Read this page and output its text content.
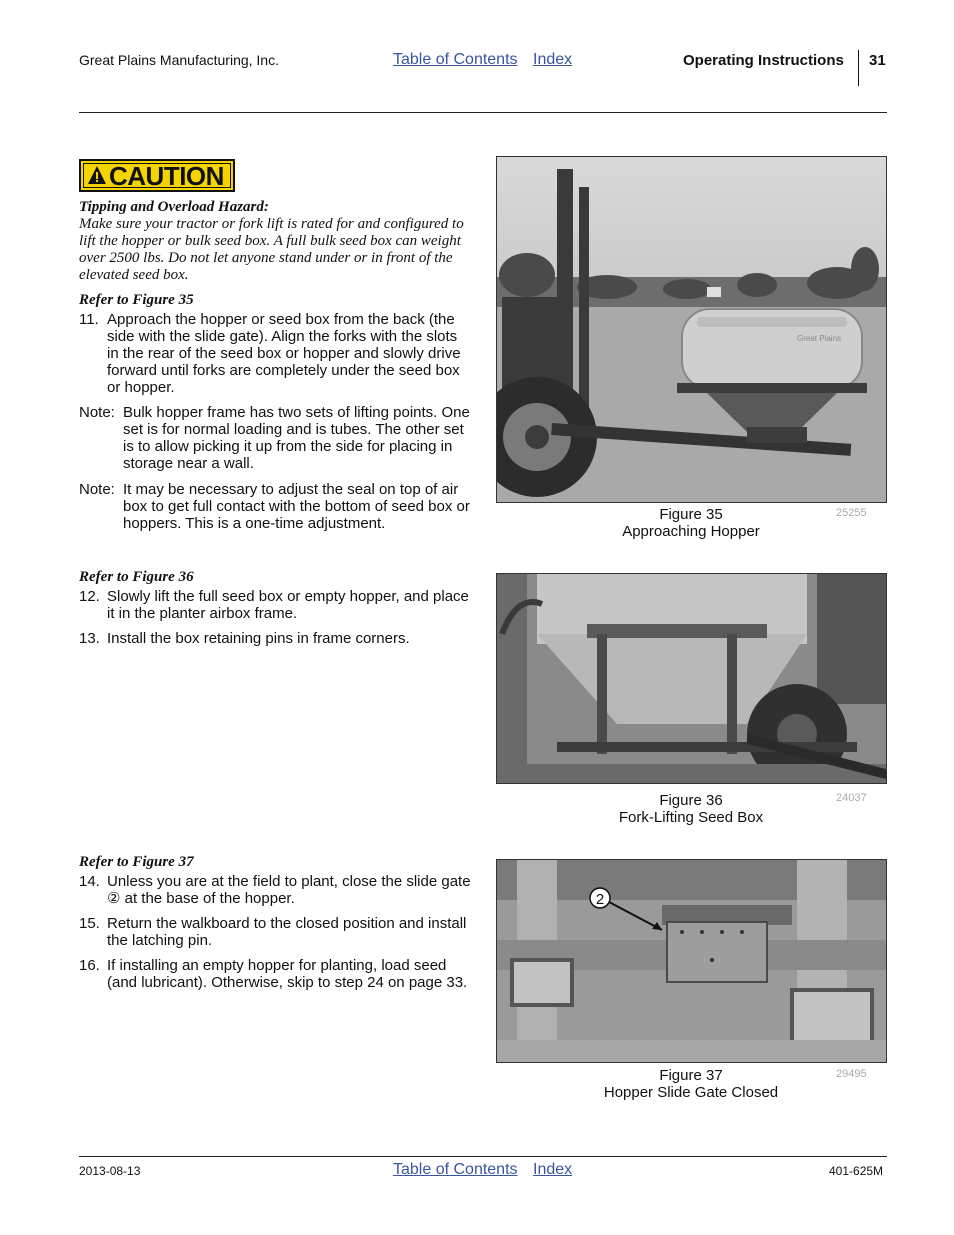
Great Plains Manufacturing, Inc.	Table of Contents Index	Operating Instructions 31
CAUTION
Tipping and Overload Hazard:
Make sure your tractor or fork lift is rated for and configured to lift the hopper or bulk seed box. A full bulk seed box can weight over 2500 lbs. Do not let anyone stand under or in front of the elevated seed box.
Refer to Figure 35
11. Approach the hopper or seed box from the back (the side with the slide gate). Align the forks with the slots in the rear of the seed box or hopper and slowly drive forward until forks are completely under the seed box or hopper.
Note: Bulk hopper frame has two sets of lifting points. One set is for normal loading and is tubes. The other set is to allow picking it up from the side for placing in storage near a wall.
Note: It may be necessary to adjust the seal on top of air box to get full contact with the bottom of seed box or hoppers. This is a one-time adjustment.
Refer to Figure 36
12. Slowly lift the full seed box or empty hopper, and place it in the planter airbox frame.
13. Install the box retaining pins in frame corners.
Refer to Figure 37
14. Unless you are at the field to plant, close the slide gate ② at the base of the hopper.
15. Return the walkboard to the closed position and install the latching pin.
16. If installing an empty hopper for planting, load seed (and lubricant). Otherwise, skip to step 24 on page 33.
Great Plains
Figure 35
Approaching Hopper
25255
Figure 36
Fork-Lifting Seed Box
24037
2
Figure 37
Hopper Slide Gate Closed
29495
2013-08-13	Table of Contents Index	401-625M
